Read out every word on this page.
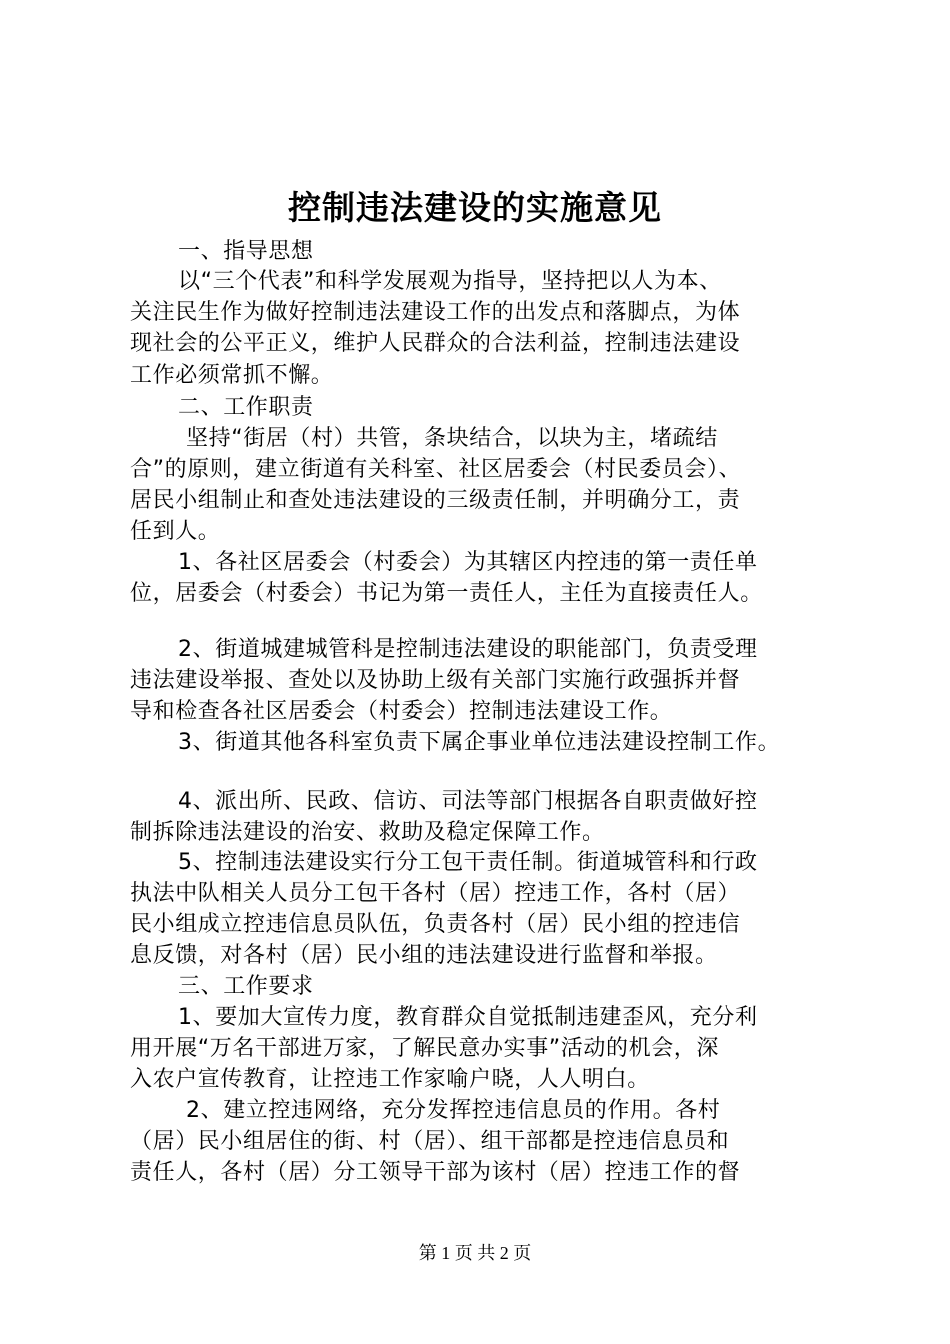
控制违法建设的实施意见
一、指导思想
以“三个代表”和科学发展观为指导，坚持把以人为本、
关注民生作为做好控制违法建设工作的出发点和落脚点，为体
现社会的公平正义，维护人民群众的合法利益，控制违法建设
工作必须常抓不懈。
二、工作职责
坚持“街居（村）共管，条块结合，以块为主，堵疏结
合”的原则，建立街道有关科室、社区居委会（村民委员会）、
居民小组制止和查处违法建设的三级责任制，并明确分工，责
任到人。
1、各社区居委会（村委会）为其辖区内控违的第一责任单
位，居委会（村委会）书记为第一责任人，主任为直接责任人。
2、街道城建城管科是控制违法建设的职能部门，负责受理
违法建设举报、查处以及协助上级有关部门实施行政强拆并督
导和检查各社区居委会（村委会）控制违法建设工作。
3、街道其他各科室负责下属企事业单位违法建设控制工作。
4、派出所、民政、信访、司法等部门根据各自职责做好控
制拆除违法建设的治安、救助及稳定保障工作。
5、控制违法建设实行分工包干责任制。街道城管科和行政
执法中队相关人员分工包干各村（居）控违工作，各村（居）
民小组成立控违信息员队伍，负责各村（居）民小组的控违信
息反馈，对各村（居）民小组的违法建设进行监督和举报。
三、工作要求
1、要加大宣传力度，教育群众自觉抵制违建歪风，充分利
用开展“万名干部进万家，了解民意办实事”活动的机会，深
入农户宣传教育，让控违工作家喻户晓，人人明白。
2、建立控违网络，充分发挥控违信息员的作用。各村
（居）民小组居住的街、村（居）、组干部都是控违信息员和
责任人，各村（居）分工领导干部为该村（居）控违工作的督
第 1 页 共 2 页
